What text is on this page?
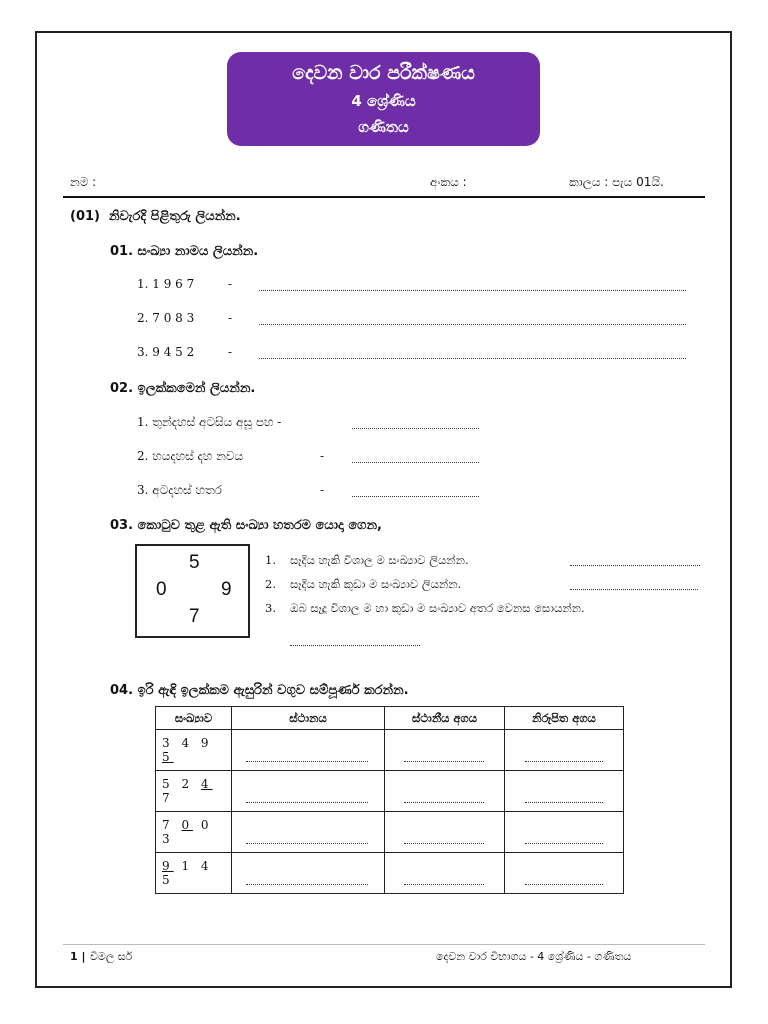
දෙවන වාර පරීක්ෂණය
4 ශ්‍රේණිය
ගණිතය
නම :	අංකය :	කාලය : පැය 01යි.
(01) නිවැරදි පිළිතුරු ලියන්න.
01. සංඛ්‍යා නාමය ලියන්න.
1. 1 9 6 7	-
2. 7 0 8 3	-
3. 9 4 5 2	-
02. ඉලක්කමෙන් ලියන්න.
1. තුන්දහස් අටසිය අසූ පහ -
2. හයදහස් දහ නවය	-
3. අටදහස් හතර	-
03. කොටුව තුළ ඇති සංඛ්‍යා හතරම යොදා ගෙන,
5
0	9
7
1. සෑදිය හැකි විශාල ම සංඛ්‍යාව ලියන්න.
2. සෑදිය හැකි කුඩා ම සංඛ්‍යාව ලියන්න.
3. ඔබ සෑදූ විශාල ම හා කුඩා ම සංඛ්‍යාව අතර වෙනස සොයන්න.
04. ඉරි ඇඳි ඉලක්කම ඇසුරින් වගුව සම්පූර්ණ කරන්න.
සංඛ්‍යාව	ස්ථානය	ස්ථානීය අගය	නිරූපිත අගය

3 4 9 5			

5 2 4 7			

7 0 0 3			

9 1 4 5			

1 | විමල සර්	දෙවන වාර විභාගය - 4 ශ්‍රේණිය - ගණිතය
